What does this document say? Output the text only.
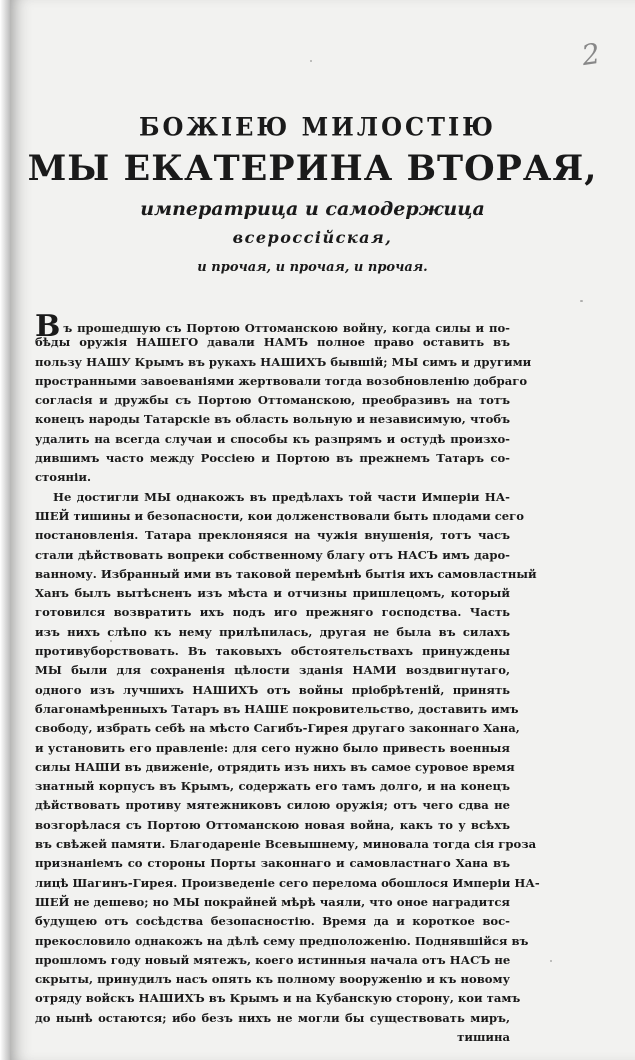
2
БОЖІЕЮ МИЛОСТІЮ
МЫ ЕКАТЕРИНА ВТОРАЯ,
императрица и самодержица
всероссійская,
и прочая, и прочая, и прочая.
Въ прошедшую съ Портою Оттоманскою войну, когда силы и по-
бѣды оружія НАШЕГО давали НАМЪ полное право оставить въ
пользу НАШУ Крымъ въ рукахъ НАШИХЪ бывшій; МЫ симъ и другими
пространными завоеваніями жертвовали тогда возобновленію добраго
согласія и дружбы съ Портою Оттоманскою, преобразивъ на тотъ
конецъ народы Татарскіе въ область вольную и независимую, чтобъ
удалить на всегда случаи и способы къ разпрямъ и остудѣ произхо-
дившимъ часто между Россіею и Портою въ прежнемъ Татаръ со-
стояніи.
Не достигли МЫ однакожъ въ предѣлахъ той части Имперіи НА-
ШЕЙ тишины и безопасности, кои долженствовали быть плодами сего
постановленія. Татара преклоняяся на чужія внушенія, тотъ часъ
стали дѣйствовать вопреки собственному благу отъ НАСЪ имъ даро-
ванному. Избранный ими въ таковой перемѣнѣ бытія ихъ самовластный
Ханъ былъ вытѣсненъ изъ мѣста и отчизны пришлецомъ, который
готовился возвратить ихъ подъ иго прежняго господства. Часть
изъ нихъ слѣпо къ нему прилѣпилась, другая не была въ силахъ
противуборствовать. Въ таковыхъ обстоятельствахъ принуждены
МЫ были для сохраненія цѣлости зданія НАМИ воздвигнутаго,
одного изъ лучшихъ НАШИХЪ отъ войны пріобрѣтеній, принять
благонамѣренныхъ Татаръ въ НАШЕ покровительство, доставить имъ
свободу, избрать себѣ на мѣсто Сагибъ-Гирея другаго законнаго Хана,
и установить его правленіе: для сего нужно было привесть военныя
силы НАШИ въ движеніе, отрядить изъ нихъ въ самое суровое время
знатный корпусъ въ Крымъ, содержать его тамъ долго, и на конецъ
дѣйствовать противу мятежниковъ силою оружія; отъ чего сдва не
возгорѣлася съ Портою Оттоманскою новая война, какъ то у всѣхъ
въ свѣжей памяти. Благодареніе Всевышнему, миновала тогда сія гроза
признаніемъ со стороны Порты законнаго и самовластнаго Хана въ
лицѣ Шагинъ-Гирея. Произведеніе сего перелома обошлося Имперіи НА-
ШЕЙ не дешево; но МЫ покрайней мѣрѣ чаяли, что оное наградится
будущею отъ сосѣдства безопасностію. Время да и короткое вос-
прекословило однакожъ на дѣлѣ сему предположенію. Поднявшійся въ
прошломъ году новый мятежъ, коего истинныя начала отъ НАСЪ не
скрыты, принудилъ насъ опять къ полному вооруженію и къ новому
отряду войскъ НАШИХЪ въ Крымъ и на Кубанскую сторону, кои тамъ
до нынѣ остаются; ибо безъ нихъ не могли бы существовать миръ,
тишина
